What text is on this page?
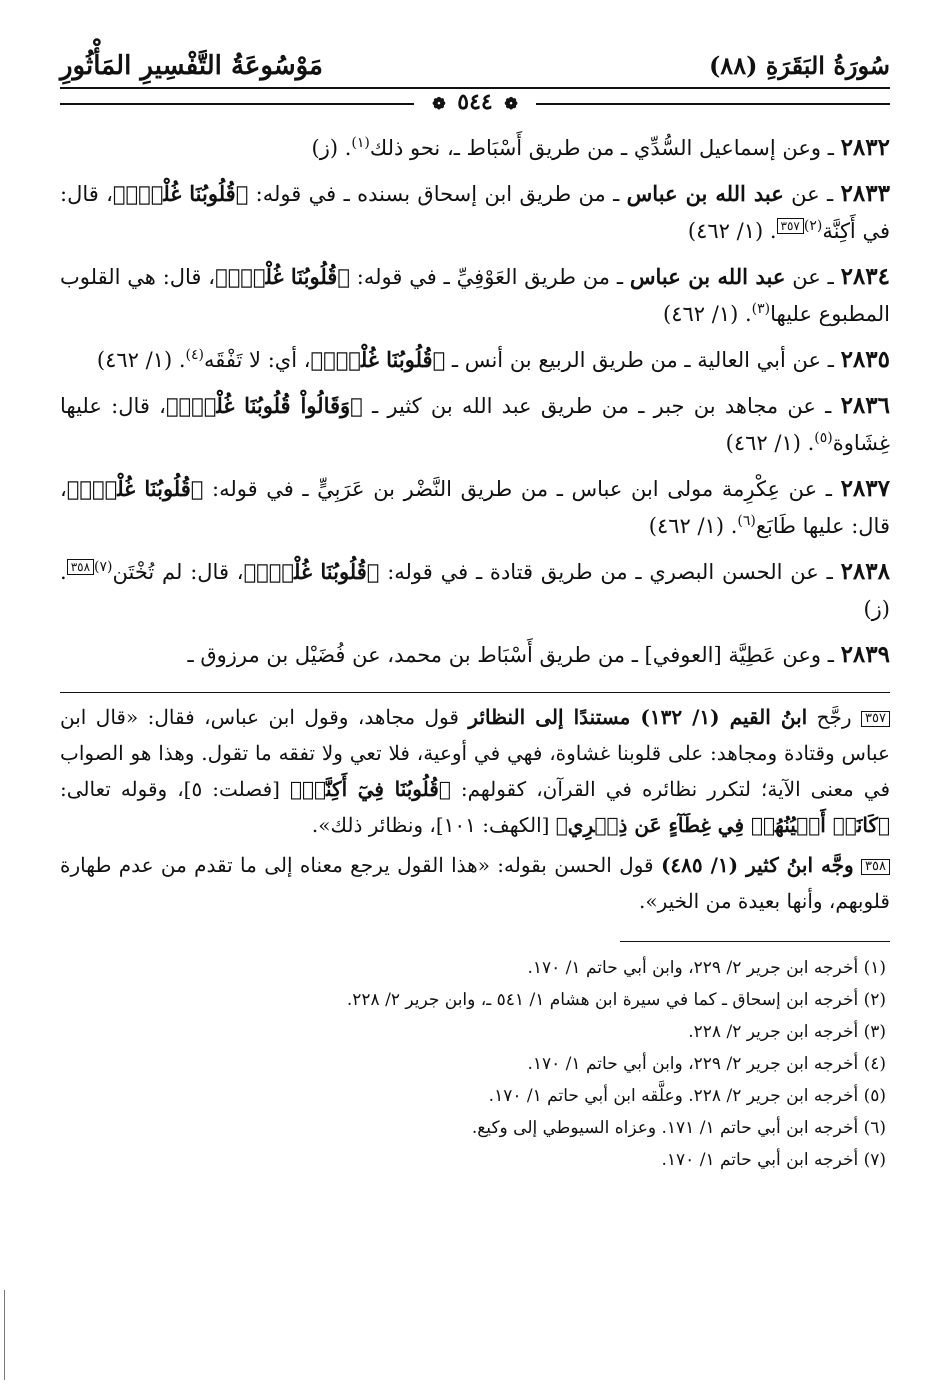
سُورَةُ البَقَرَةِ (٨٨)
مَوْسُوعَةُ التَّفْسِيرِ المَأْثُورِ
❁ ٥٤٤ ❁

٢٨٣٢ ـ وعن إسماعيل السُّدِّي ـ من طريق أَسْبَاط ـ، نحو ذلك$^{(١)}$. (ز)

٢٨٣٣ ـ عن عبد الله بن عباس ـ من طريق ابن إسحاق بسنده ـ في قوله: ﴿قُلُوبُنَا غُلْفٌۚ﴾، قال: في أَكِنَّة$^{(٢)}$٣٥٧. (١/ ٤٦٢)

٢٨٣٤ ـ عن عبد الله بن عباس ـ من طريق العَوْفِيِّ ـ في قوله: ﴿قُلُوبُنَا غُلْفٌۚ﴾، قال: هي القلوب المطبوع عليها$^{(٣)}$. (١/ ٤٦٢)

٢٨٣٥ ـ عن أبي العالية ـ من طريق الربيع بن أنس ـ ﴿قُلُوبُنَا غُلْفٌۚ﴾، أي: لا تَفْقَه$^{(٤)}$. (١/ ٤٦٢)

٢٨٣٦ ـ عن مجاهد بن جبر ـ من طريق عبد الله بن كثير ـ ﴿وَقَالُواْ قُلُوبُنَا غُلْفٌۚ﴾، قال: عليها غِشَاوة$^{(٥)}$. (١/ ٤٦٢)

٢٨٣٧ ـ عن عِكْرِمة مولى ابن عباس ـ من طريق النَّضْر بن عَرَبِيٍّ ـ في قوله: ﴿قُلُوبُنَا غُلْفٌۚ﴾، قال: عليها طَابَع$^{(٦)}$. (١/ ٤٦٢)

٢٨٣٨ ـ عن الحسن البصري ـ من طريق قتادة ـ في قوله: ﴿قُلُوبُنَا غُلْفٌۚ﴾، قال: لم تُخْتَن$^{(٧)}$٣٥٨. (ز)

٢٨٣٩ ـ وعن عَطِيَّة [العوفي] ـ من طريق أَسْبَاط بن محمد، عن فُضَيْل بن مرزوق ـ

٣٥٧ رجَّح ابنُ القيم (١/ ١٣٢) مستندًا إلى النظائر قول مجاهد، وقول ابن عباس، فقال: «قال ابن عباس وقتادة ومجاهد: على قلوبنا غشاوة، فهي في أوعية، فلا تعي ولا تفقه ما تقول. وهذا هو الصواب في معنى الآية؛ لتكرر نظائره في القرآن، كقولهم: ﴿قُلُوبُنَا فِيٓ أَكِنَّةٖ﴾ [فصلت: ٥]، وقوله تعالى: ﴿كَانَتۡ أَعۡيُنُهُمۡ فِي غِطَآءٍ عَن ذِكۡرِي﴾ [الكهف: ١٠١]، ونظائر ذلك».

٣٥٨ وجَّه ابنُ كثير (١/ ٤٨٥) قول الحسن بقوله: «هذا القول يرجع معناه إلى ما تقدم من عدم طهارة قلوبهم، وأنها بعيدة من الخير».

(١) أخرجه ابن جرير ٢/ ٢٢٩، وابن أبي حاتم ١/ ١٧٠.

(٢) أخرجه ابن إسحاق ـ كما في سيرة ابن هشام ١/ ٥٤١ ـ، وابن جرير ٢/ ٢٢٨.

(٣) أخرجه ابن جرير ٢/ ٢٢٨.

(٤) أخرجه ابن جرير ٢/ ٢٢٩، وابن أبي حاتم ١/ ١٧٠.

(٥) أخرجه ابن جرير ٢/ ٢٢٨. وعلَّقه ابن أبي حاتم ١/ ١٧٠.

(٦) أخرجه ابن أبي حاتم ١/ ١٧١. وعزاه السيوطي إلى وكيع.

(٧) أخرجه ابن أبي حاتم ١/ ١٧٠.
